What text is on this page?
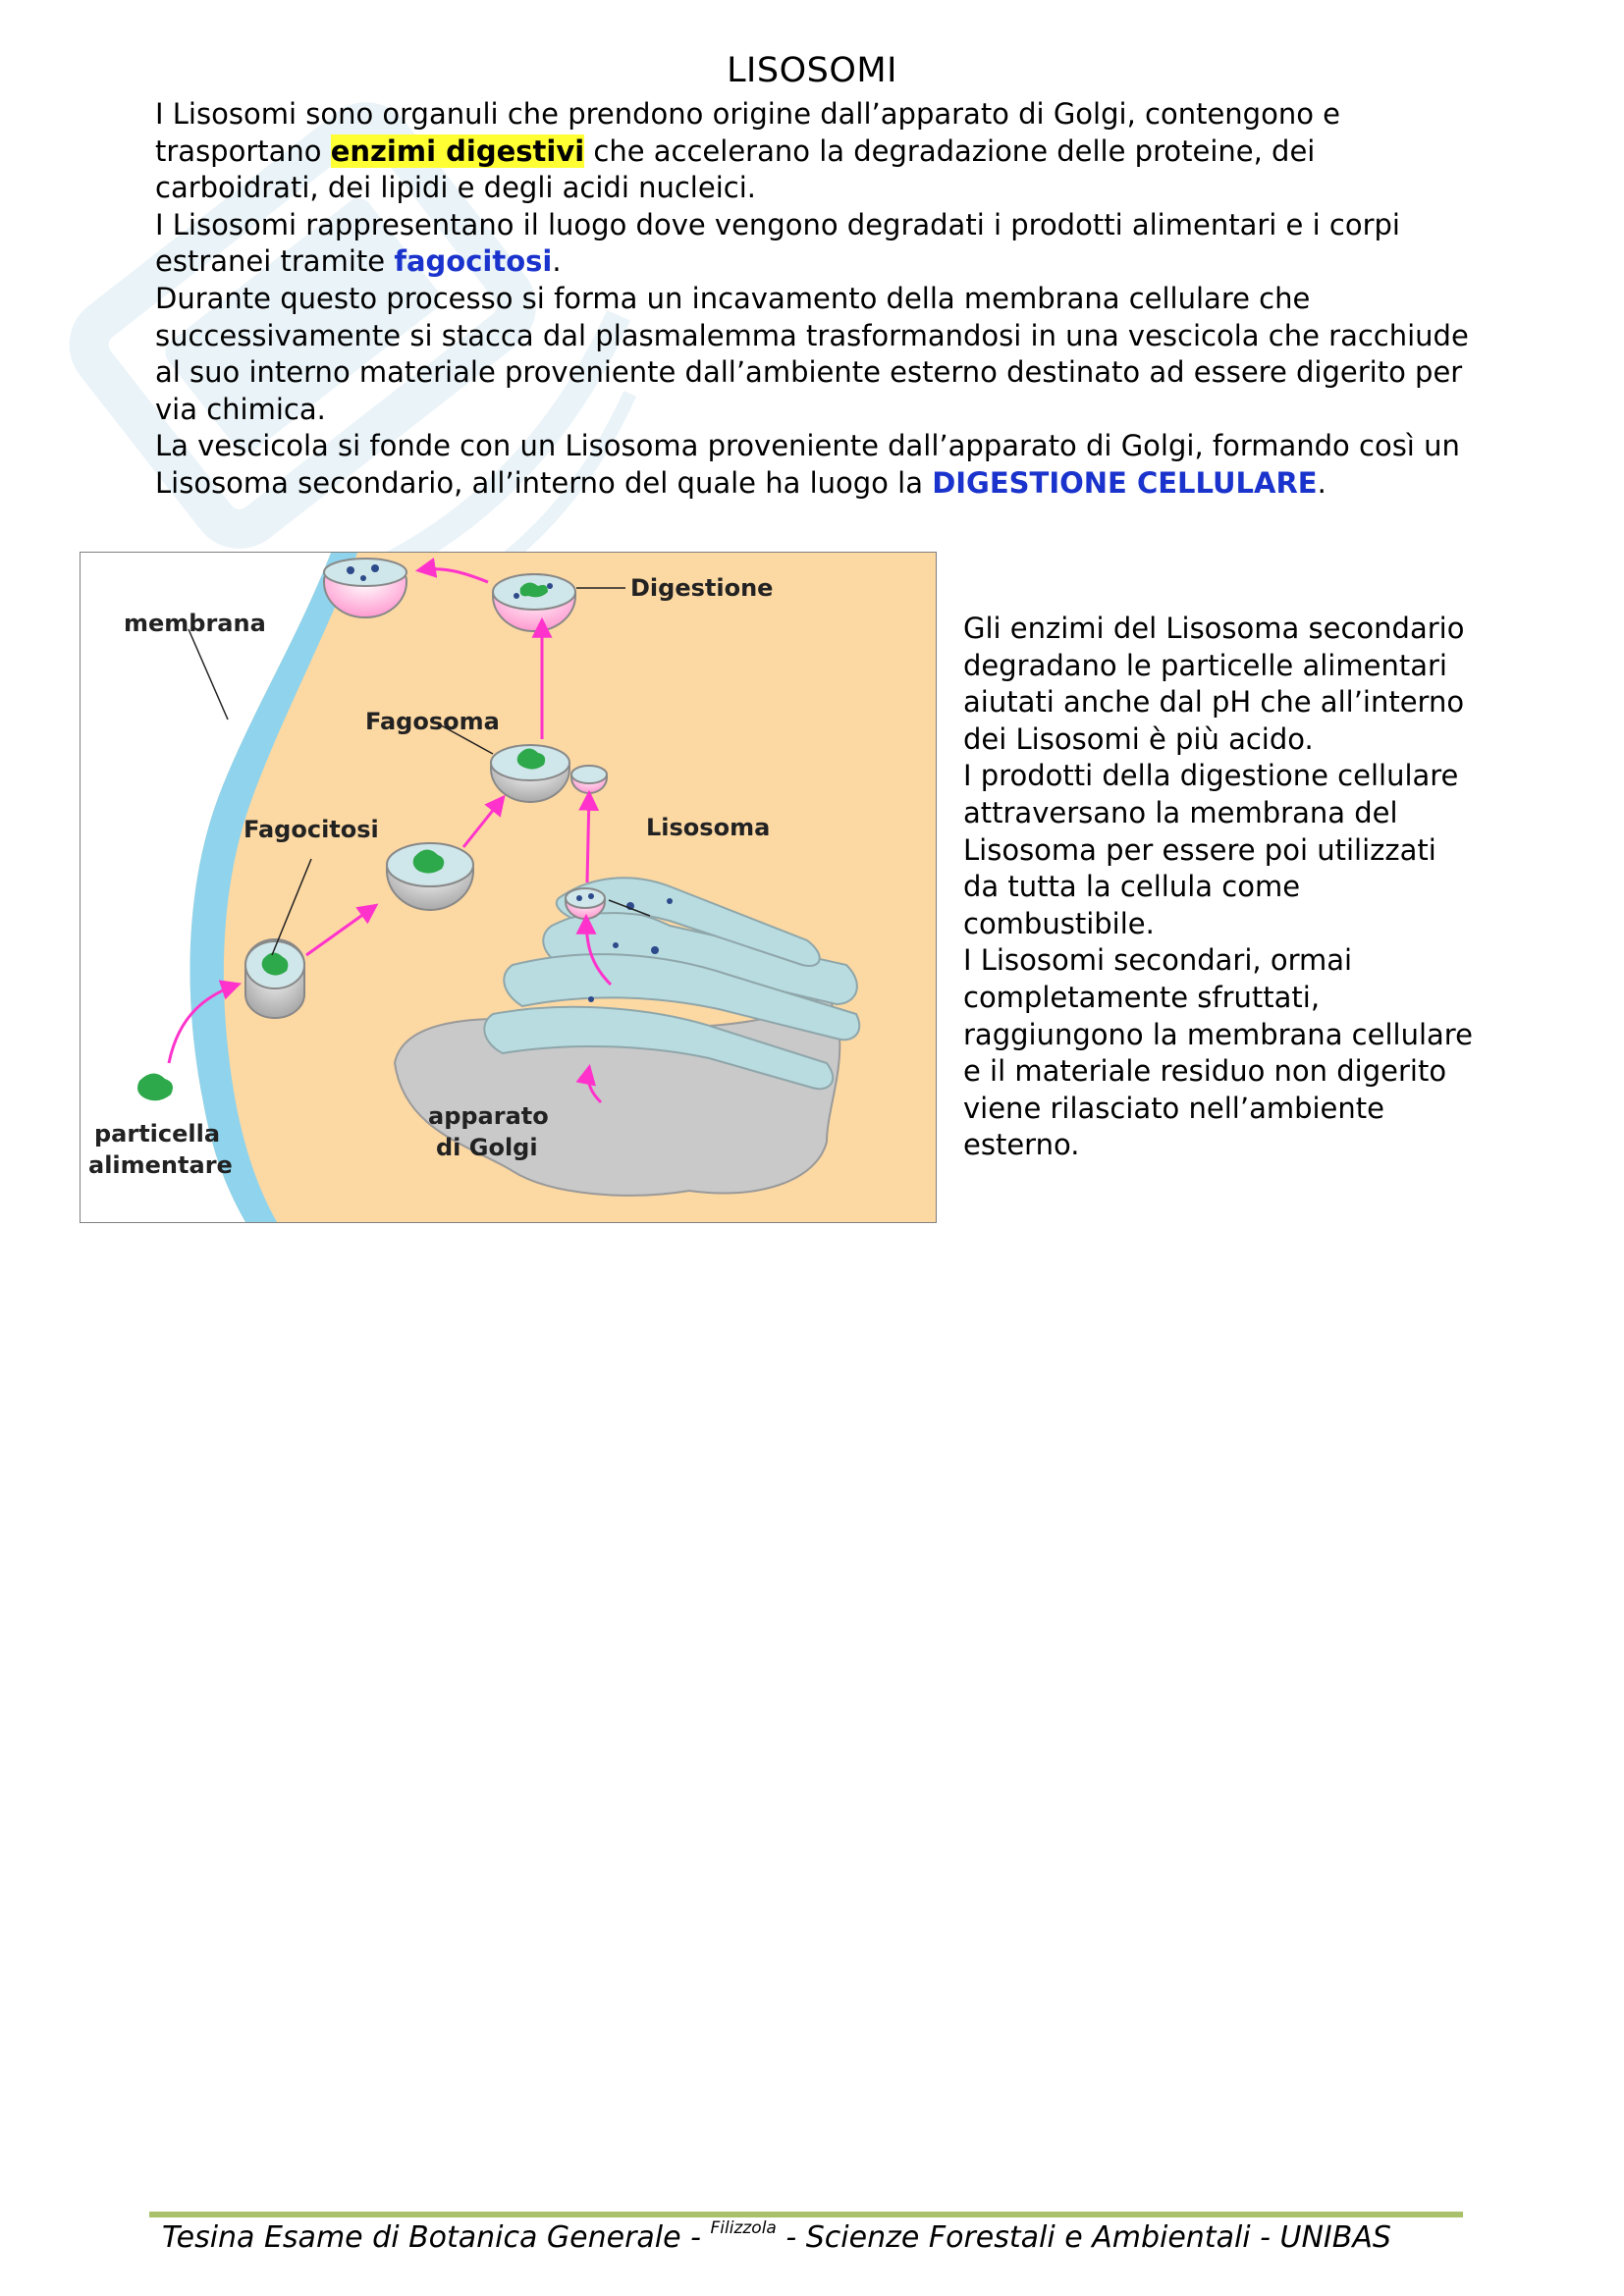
LISOSOMI

I Lisosomi sono organuli che prendono origine dall’apparato di Golgi, contengono e trasportano enzimi digestivi che accelerano la degradazione delle proteine, dei carboidrati, dei lipidi e degli acidi nucleici.

I Lisosomi rappresentano il luogo dove vengono degradati i prodotti alimentari e i corpi estranei tramite fagocitosi.

Durante questo processo si forma un incavamento della membrana cellulare che successivamente si stacca dal plasmalemma trasformandosi in una vescicola che racchiude al suo interno materiale proveniente dall’ambiente esterno destinato ad essere digerito per via chimica.

La vescicola si fonde con un Lisosoma proveniente dall’apparato di Golgi, formando così un Lisosoma secondario, all’interno del quale ha luogo la DIGESTIONE CELLULARE.

Digestione
membrana
Fagosoma
Fagocitosi	Lisosoma
particella
alimentare
apparato
di Golgi
Gli enzimi del Lisosoma secondario degradano le particelle alimentari aiutati anche dal pH che all’interno dei Lisosomi è più acido.
I prodotti della digestione cellulare attraversano la membrana del Lisosoma per essere poi utilizzati da tutta la cellula come combustibile.
I Lisosomi secondari, ormai completamente sfruttati, raggiungono la membrana cellulare e il materiale residuo non digerito viene rilasciato nell’ambiente esterno.
Tesina Esame di Botanica Generale - $^{Filizzola}$ - Scienze Forestali e Ambientali - UNIBAS
